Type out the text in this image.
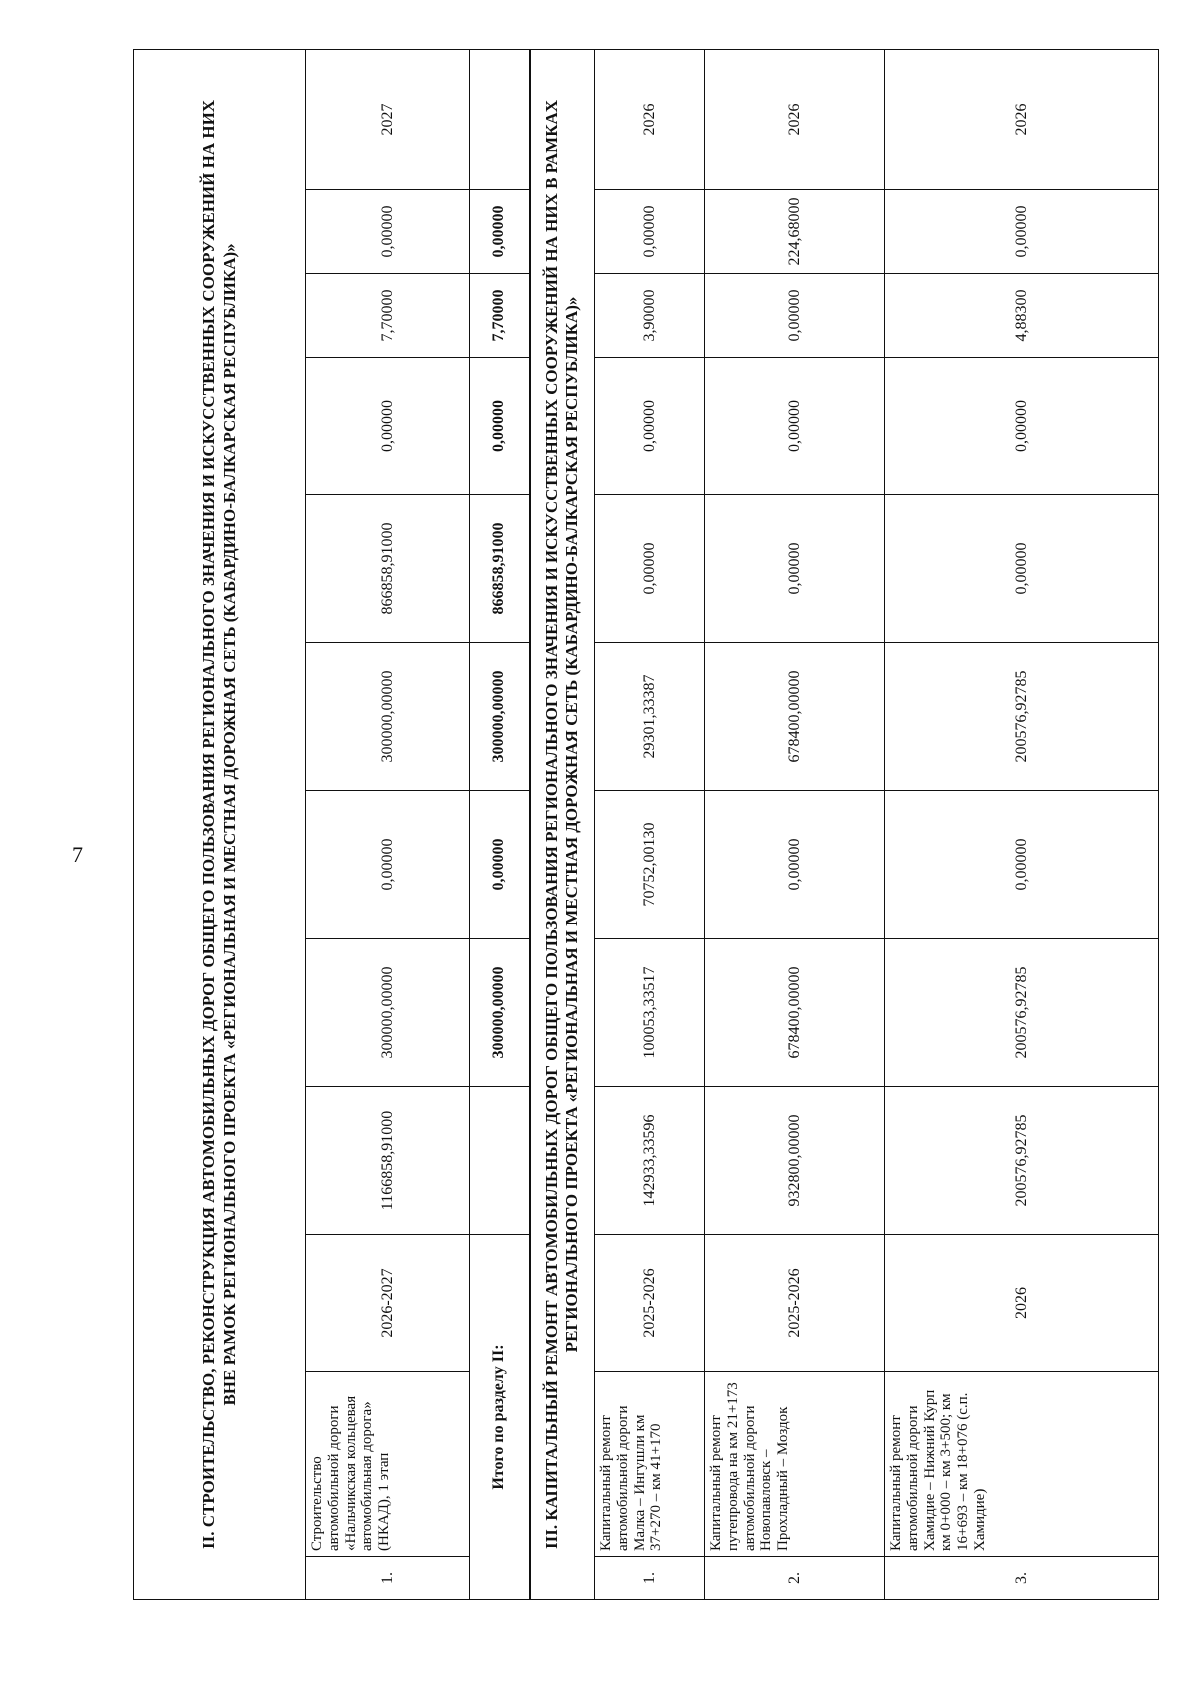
7	II. СТРОИТЕЛЬСТВО, РЕКОНСТРУКЦИЯ АВТОМОБИЛЬНЫХ ДОРОГ ОБЩЕГО ПОЛЬЗОВАНИЯ РЕГИОНАЛЬНОГО ЗНАЧЕНИЯ И ИСКУССТВЕННЫХ СООРУЖЕНИЙ НА НИХ ВНЕ РАМОК РЕГИОНАЛЬНОГО ПРОЕКТА «РЕГИОНАЛЬНАЯ И МЕСТНАЯ ДОРОЖНАЯ СЕТЬ (КАБАРДИНО-БАЛКАРСКАЯ РЕСПУБЛИКА)»											
1.	Строительство автомобильной дороги «Нальчикская кольцевая автомобильная дорога» (НКАД), 1 этап	2026-2027	1166858,91000	300000,00000	0,00000	300000,00000	866858,91000	0,00000	7,70000	0,00000	2027
Итого по разделу II:				300000,00000	0,00000	300000,00000	866858,91000	0,00000	7,70000	0,00000	
III. КАПИТАЛЬНЫЙ РЕМОНТ АВТОМОБИЛЬНЫХ ДОРОГ ОБЩЕГО ПОЛЬЗОВАНИЯ РЕГИОНАЛЬНОГО ЗНАЧЕНИЯ И ИСКУССТВЕННЫХ СООРУЖЕНИЙ НА НИХ В РАМКАХ РЕГИОНАЛЬНОГО ПРОЕКТА «РЕГИОНАЛЬНАЯ И МЕСТНАЯ ДОРОЖНАЯ СЕТЬ (КАБАРДИНО-БАЛКАРСКАЯ РЕСПУБЛИКА)»											
1.	Капитальный ремонт автомобильной дороги Малка – Ингушли км 37+270 – км 41+170	2025-2026	142933,33596	100053,33517	70752,00130	29301,33387	0,00000	0,00000	3,90000	0,00000	2026
2.	Капитальный ремонт путепровода на км 21+173 автомобильной дороги Новопавловск – Прохладный – Моздок	2025-2026	932800,00000	678400,00000	0,00000	678400,00000	0,00000	0,00000	0,00000	224,68000	2026
3.	Капитальный ремонт автомобильной дороги Хамидие – Нижний Курп км 0+000 – км 3+500; км 16+693 – км 18+076 (с.п. Хамидие)	2026	200576,92785	200576,92785	0,00000	200576,92785	0,00000	0,00000	4,88300	0,00000	2026
